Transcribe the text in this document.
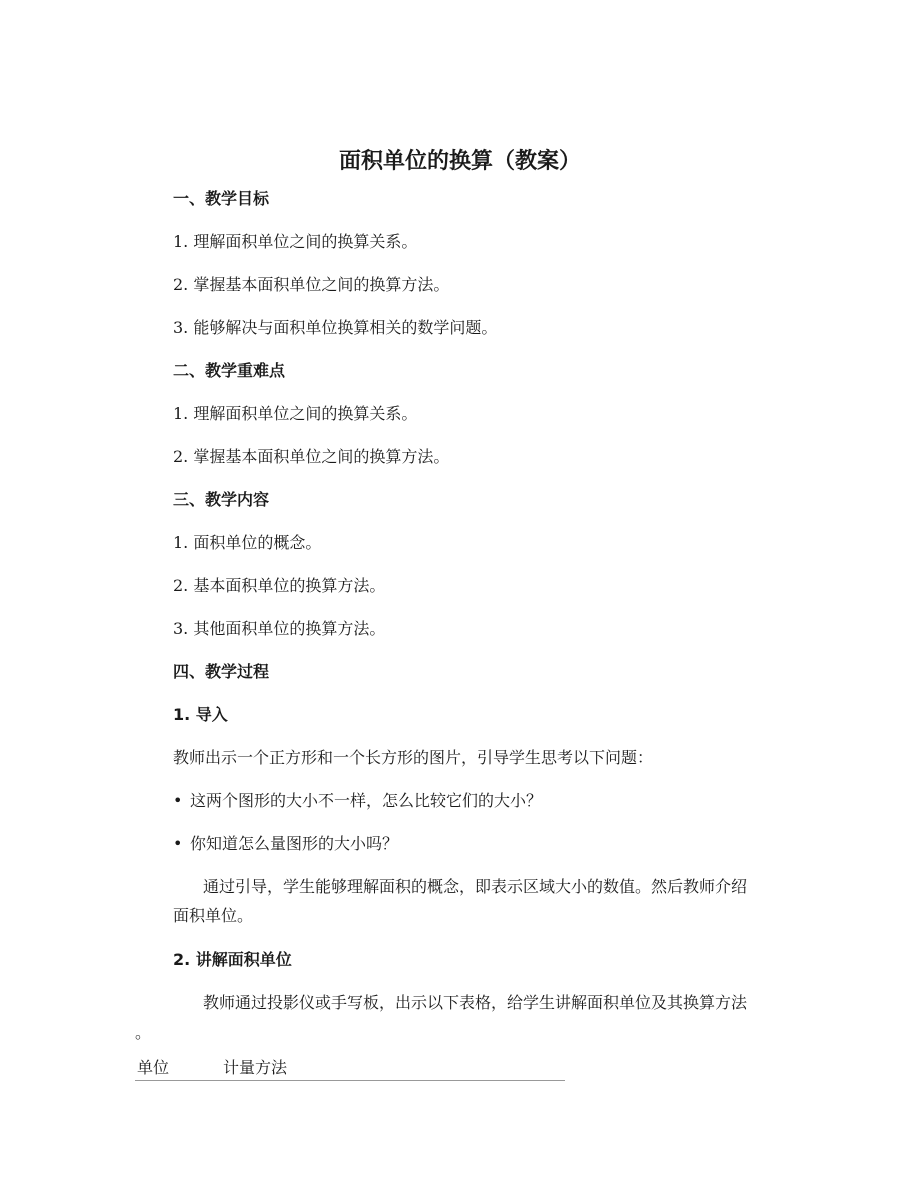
面积单位的换算（教案）
一、教学目标
1. 理解面积单位之间的换算关系。
2. 掌握基本面积单位之间的换算方法。
3. 能够解决与面积单位换算相关的数学问题。
二、教学重难点
1. 理解面积单位之间的换算关系。
2. 掌握基本面积单位之间的换算方法。
三、教学内容
1. 面积单位的概念。
2. 基本面积单位的换算方法。
3. 其他面积单位的换算方法。
四、教学过程
1. 导入
教师出示一个正方形和一个长方形的图片，引导学生思考以下问题：
• 这两个图形的大小不一样，怎么比较它们的大小？
• 你知道怎么量图形的大小吗？
通过引导，学生能够理解面积的概念，即表示区域大小的数值。然后教师介绍
面积单位。
2. 讲解面积单位
教师通过投影仪或手写板，出示以下表格，给学生讲解面积单位及其换算方法
。
单位	计量方法
